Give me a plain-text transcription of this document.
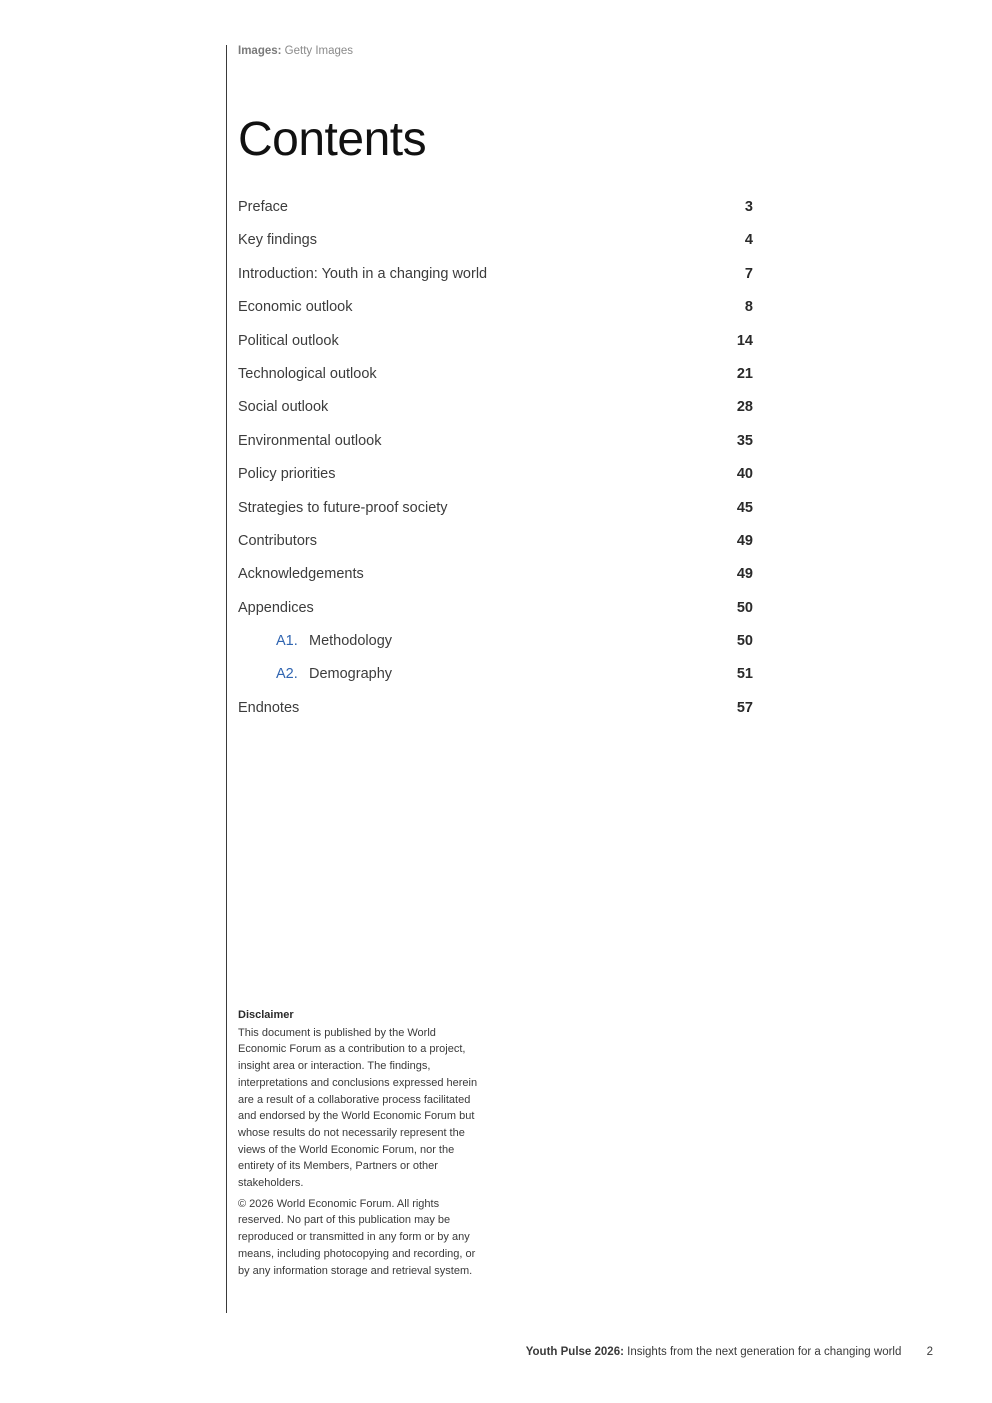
Images: Getty Images
Contents
Preface	3
Key findings	4
Introduction: Youth in a changing world	7
Economic outlook	8
Political outlook	14
Technological outlook	21
Social outlook	28
Environmental outlook	35
Policy priorities	40
Strategies to future-proof society	45
Contributors	49
Acknowledgements	49
Appendices	50
A1. Methodology	50
A2. Demography	51
Endnotes	57
Disclaimer

This document is published by the World Economic Forum as a contribution to a project, insight area or interaction. The findings, interpretations and conclusions expressed herein are a result of a collaborative process facilitated and endorsed by the World Economic Forum but whose results do not necessarily represent the views of the World Economic Forum, nor the entirety of its Members, Partners or other stakeholders.

© 2026 World Economic Forum. All rights reserved. No part of this publication may be reproduced or transmitted in any form or by any means, including photocopying and recording, or by any information storage and retrieval system.

Youth Pulse 2026: Insights from the next generation for a changing world 2
